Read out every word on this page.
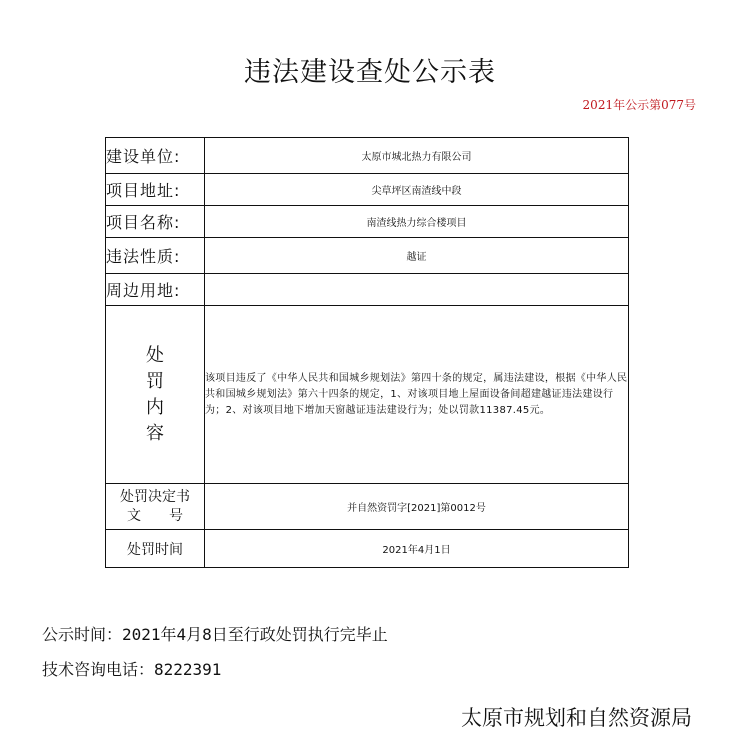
违法建设查处公示表
2021年公示第077号
建设单位:	太原市城北热力有限公司
项目地址:	尖草坪区南渣线中段
项目名称:	南渣线热力综合楼项目
违法性质:	越证
周边用地:	

处
罚
内
容	该项目违反了《中华人民共和国城乡规划法》第四十条的规定，属违法建设，根据《中华人民共和国城乡规划法》第六十四条的规定，1、对该项目地上屋面设备间超建越证违法建设行为；2、对该项目地下增加天窗越证违法建设行为；处以罚款11387.45元。

处罚决定书
文　　号	并自然资罚字[2021]第0012号
处罚时间	2021年4月1日
公示时间：2021年4月8日至行政处罚执行完毕止
技术咨询电话：8222391
太原市规划和自然资源局
